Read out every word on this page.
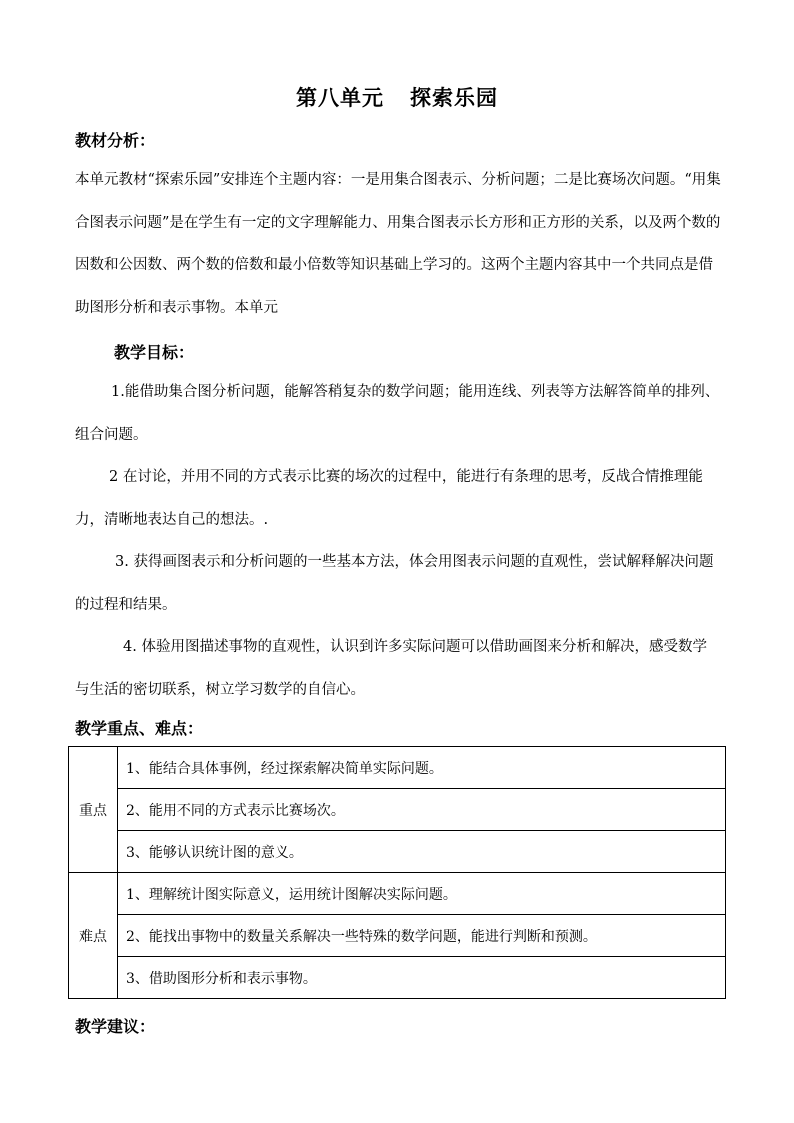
第八单元 探索乐园
教材分析：
本单元教材“探索乐园”安排连个主题内容：一是用集合图表示、分析问题；二是比赛场次问题。“用集合图表示问题”是在学生有一定的文字理解能力、用集合图表示长方形和正方形的关系，以及两个数的因数和公因数、两个数的倍数和最小倍数等知识基础上学习的。这两个主题内容其中一个共同点是借助图形分析和表示事物。本单元
教学目标：
1.能借助集合图分析问题，能解答稍复杂的数学问题；能用连线、列表等方法解答简单的排列、组合问题。
2 在讨论，并用不同的方式表示比赛的场次的过程中，能进行有条理的思考，反战合情推理能力，清晰地表达自己的想法。.
3. 获得画图表示和分析问题的一些基本方法，体会用图表示问题的直观性，尝试解释解决问题的过程和结果。
4. 体验用图描述事物的直观性，认识到许多实际问题可以借助画图来分析和解决，感受数学与生活的密切联系，树立学习数学的自信心。
教学重点、难点：
重点	1、能结合具体事例，经过探索解决简单实际问题。
	2、能用不同的方式表示比赛场次。
	3、能够认识统计图的意义。
难点	1、理解统计图实际意义，运用统计图解决实际问题。
	2、能找出事物中的数量关系解决一些特殊的数学问题，能进行判断和预测。
	3、借助图形分析和表示事物。
教学建议：
